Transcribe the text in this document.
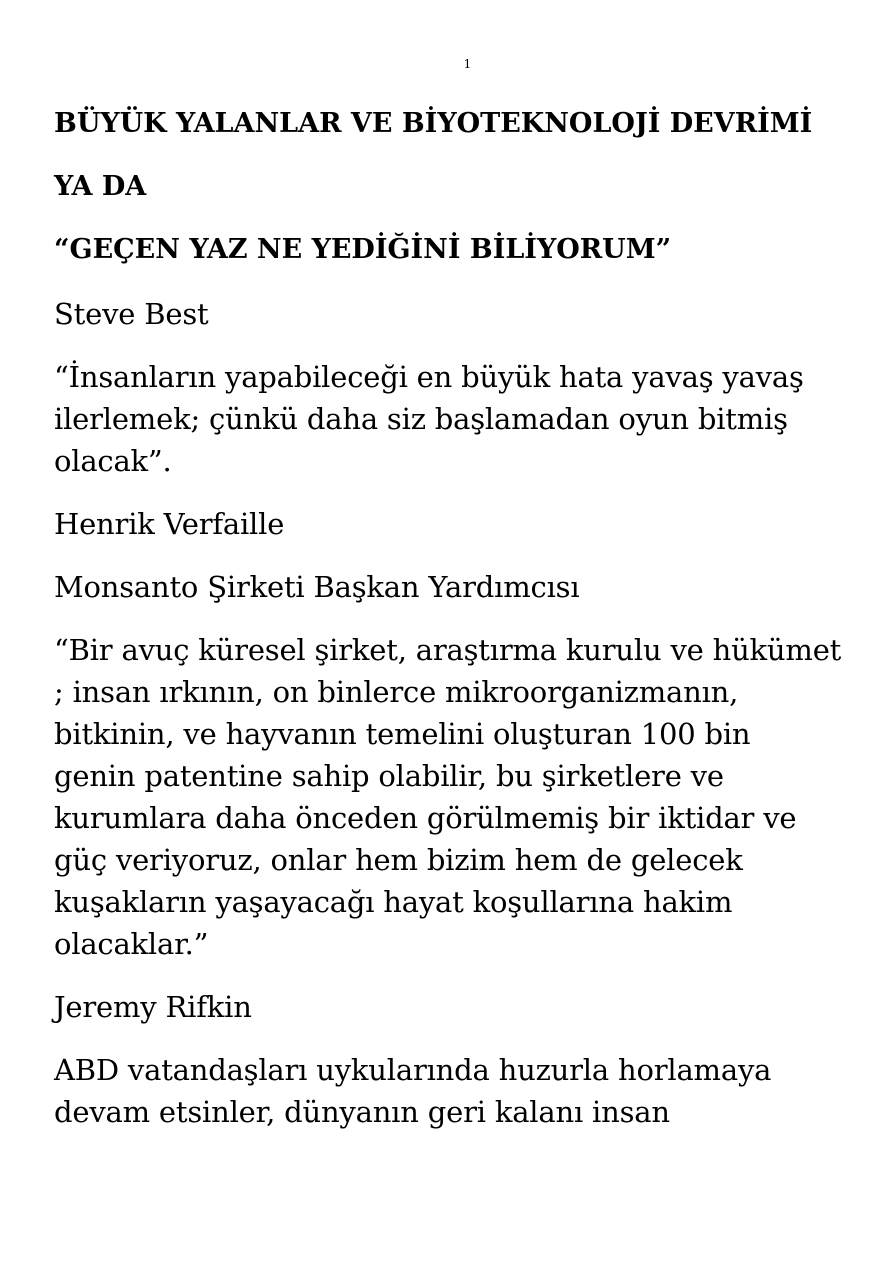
1
BÜYÜK YALANLAR VE BİYOTEKNOLOJİ DEVRİMİ
YA DA
“GEÇEN YAZ NE YEDİĞİNİ BİLİYORUM”
Steve Best
“İnsanların yapabileceği en büyük hata yavaş yavaş
ilerlemek; çünkü daha siz başlamadan oyun bitmiş
olacak”.
Henrik Verfaille
Monsanto Şirketi Başkan Yardımcısı
“Bir avuç küresel şirket, araştırma kurulu ve hükümet
; insan ırkının, on binlerce mikroorganizmanın,
bitkinin, ve hayvanın temelini oluşturan 100 bin
genin patentine sahip olabilir, bu şirketlere ve
kurumlara daha önceden görülmemiş bir iktidar ve
güç veriyoruz, onlar hem bizim hem de gelecek
kuşakların yaşayacağı hayat koşullarına hakim
olacaklar.”
Jeremy Rifkin
ABD vatandaşları uykularında huzurla horlamaya
devam etsinler, dünyanın geri kalanı insan
